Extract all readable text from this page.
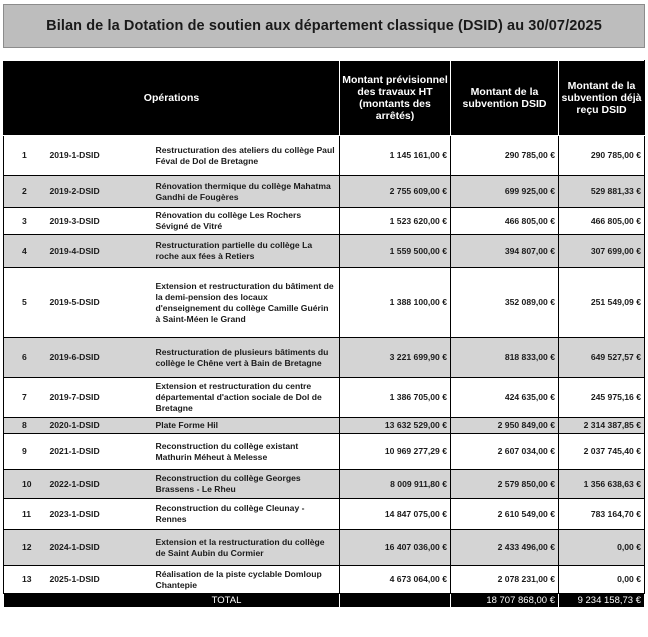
Bilan de la Dotation de soutien aux département classique (DSID) au 30/07/2025
Opérations			Montant prévisionnel des travaux HT (montants des arrêtés)	Montant de la subvention DSID	Montant de la subvention déjà reçu DSID
1	2019-1-DSID	Restructuration des ateliers du collège Paul Féval de Dol de Bretagne	1 145 161,00 €	290 785,00 €	290 785,00 €
2	2019-2-DSID	Rénovation thermique du collège Mahatma Gandhi de Fougères	2 755 609,00 €	699 925,00 €	529 881,33 €
3	2019-3-DSID	Rénovation du collège Les Rochers Sévigné de Vitré	1 523 620,00 €	466 805,00 €	466 805,00 €
4	2019-4-DSID	Restructuration partielle du collège La roche aux fées à Retiers	1 559 500,00 €	394 807,00 €	307 699,00 €
5	2019-5-DSID	Extension et restructuration du bâtiment de la demi-pension des locaux d'enseignement du collège Camille Guérin à Saint-Méen le Grand	1 388 100,00 €	352 089,00 €	251 549,09 €
6	2019-6-DSID	Restructuration de plusieurs bâtiments du collège le Chêne vert à Bain de Bretagne	3 221 699,90 €	818 833,00 €	649 527,57 €
7	2019-7-DSID	Extension et restructuration du centre départemental d'action sociale de Dol de Bretagne	1 386 705,00 €	424 635,00 €	245 975,16 €
8	2020-1-DSID	Plate Forme Hil	13 632 529,00 €	2 950 849,00 €	2 314 387,85 €
9	2021-1-DSID	Reconstruction du collège existant Mathurin Méheut à Melesse	10 969 277,29 €	2 607 034,00 €	2 037 745,40 €
10	2022-1-DSID	Reconstruction du collège Georges Brassens - Le Rheu	8 009 911,80 €	2 579 850,00 €	1 356 638,63 €
11	2023-1-DSID	Reconstruction du collège Cleunay - Rennes	14 847 075,00 €	2 610 549,00 €	783 164,70 €
12	2024-1-DSID	Extension et la restructuration du collège de Saint Aubin du Cormier	16 407 036,00 €	2 433 496,00 €	0,00 €
13	2025-1-DSID	Réalisation de la piste cyclable Domloup Chantepie	4 673 064,00 €	2 078 231,00 €	0,00 €
TOTAL				18 707 868,00 €	9 234 158,73 €
